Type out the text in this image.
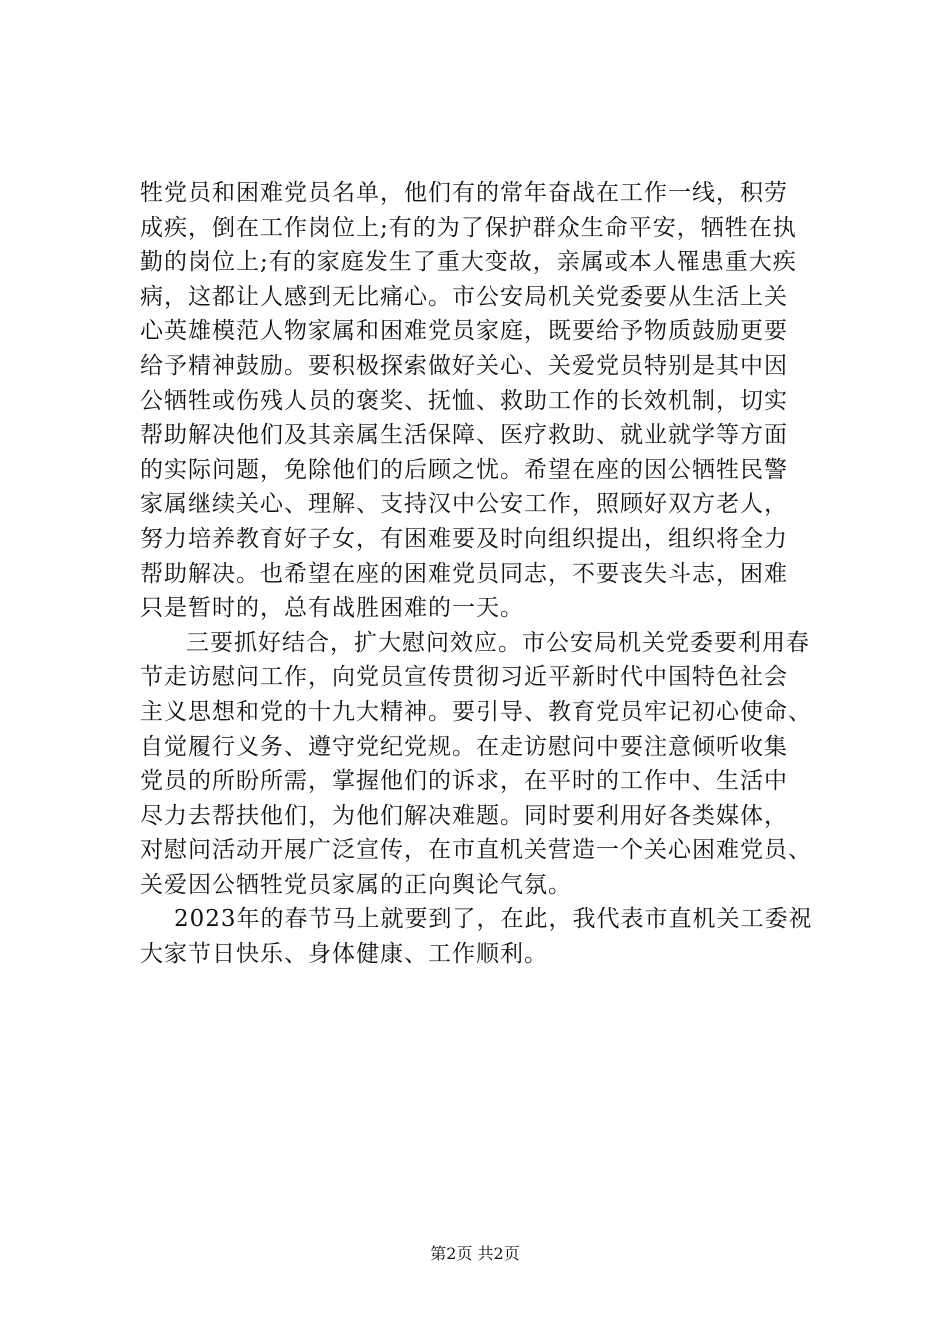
牲党员和困难党员名单，他们有的常年奋战在工作一线，积劳
成疾，倒在工作岗位上;有的为了保护群众生命平安，牺牲在执
勤的岗位上;有的家庭发生了重大变故，亲属或本人罹患重大疾
病，这都让人感到无比痛心。市公安局机关党委要从生活上关
心英雄模范人物家属和困难党员家庭，既要给予物质鼓励更要
给予精神鼓励。要积极探索做好关心、关爱党员特别是其中因
公牺牲或伤残人员的褒奖、抚恤、救助工作的长效机制，切实
帮助解决他们及其亲属生活保障、医疗救助、就业就学等方面
的实际问题，免除他们的后顾之忧。希望在座的因公牺牲民警
家属继续关心、理解、支持汉中公安工作，照顾好双方老人，
努力培养教育好子女，有困难要及时向组织提出，组织将全力
帮助解决。也希望在座的困难党员同志，不要丧失斗志，困难
只是暂时的，总有战胜困难的一天。
三要抓好结合，扩大慰问效应。市公安局机关党委要利用春
节走访慰问工作，向党员宣传贯彻习近平新时代中国特色社会
主义思想和党的十九大精神。要引导、教育党员牢记初心使命、
自觉履行义务、遵守党纪党规。在走访慰问中要注意倾听收集
党员的所盼所需，掌握他们的诉求，在平时的工作中、生活中
尽力去帮扶他们，为他们解决难题。同时要利用好各类媒体，
对慰问活动开展广泛宣传，在市直机关营造一个关心困难党员、
关爱因公牺牲党员家属的正向舆论气氛。
2023年的春节马上就要到了，在此，我代表市直机关工委祝
大家节日快乐、身体健康、工作顺利。
第2页 共2页
